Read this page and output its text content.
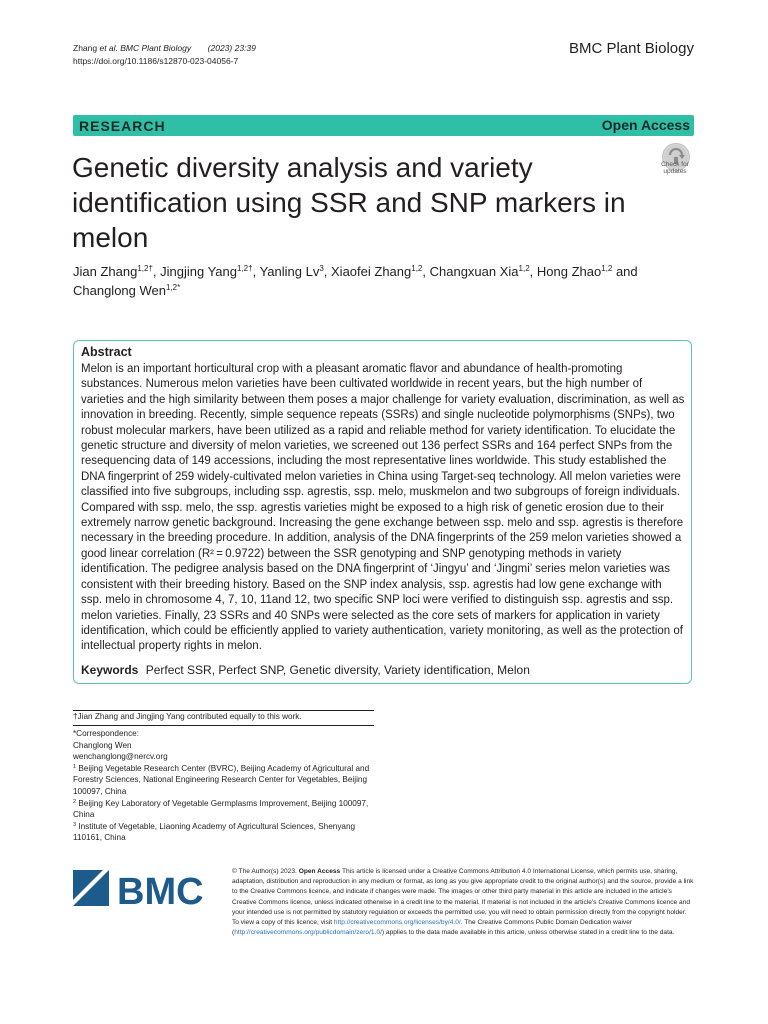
Zhang et al. BMC Plant Biology (2023) 23:39
https://doi.org/10.1186/s12870-023-04056-7
BMC Plant Biology
RESEARCH	Open Access
Genetic diversity analysis and variety identification using SSR and SNP markers in melon
Check for
updates
Jian Zhang$^{1,2\dagger}$, Jingjing Yang$^{1,2\dagger}$, Yanling Lv$^3$, Xiaofei Zhang$^{1,2}$, Changxuan Xia$^{1,2}$, Hong Zhao$^{1,2}$ and Changlong Wen$^{1,2*}$
Abstract
Melon is an important horticultural crop with a pleasant aromatic flavor and abundance of health-promoting substances. Numerous melon varieties have been cultivated worldwide in recent years, but the high number of varieties and the high similarity between them poses a major challenge for variety evaluation, discrimination, as well as innovation in breeding. Recently, simple sequence repeats (SSRs) and single nucleotide polymorphisms (SNPs), two robust molecular markers, have been utilized as a rapid and reliable method for variety identification. To elucidate the genetic structure and diversity of melon varieties, we screened out 136 perfect SSRs and 164 perfect SNPs from the resequencing data of 149 accessions, including the most representative lines worldwide. This study established the DNA fingerprint of 259 widely-cultivated melon varieties in China using Target-seq technology. All melon varieties were classified into five subgroups, including ssp. agrestis, ssp. melo, muskmelon and two subgroups of foreign individuals. Compared with ssp. melo, the ssp. agrestis varieties might be exposed to a high risk of genetic erosion due to their extremely narrow genetic background. Increasing the gene exchange between ssp. melo and ssp. agrestis is therefore necessary in the breeding procedure. In addition, analysis of the DNA fingerprints of the 259 melon varieties showed a good linear correlation (R² = 0.9722) between the SSR genotyping and SNP genotyping methods in variety identification. The pedigree analysis based on the DNA fingerprint of ‘Jingyu’ and ‘Jingmi’ series melon varieties was consistent with their breeding history. Based on the SNP index analysis, ssp. agrestis had low gene exchange with ssp. melo in chromosome 4, 7, 10, 11and 12, two specific SNP loci were verified to distinguish ssp. agrestis and ssp. melon varieties. Finally, 23 SSRs and 40 SNPs were selected as the core sets of markers for application in variety identification, which could be efficiently applied to variety authentication, variety monitoring, as well as the protection of intellectual property rights in melon.
Keywords Perfect SSR, Perfect SNP, Genetic diversity, Variety identification, Melon
†Jian Zhang and Jingjing Yang contributed equally to this work.
*Correspondence:
Changlong Wen
wenchanglong@nercv.org
$^1$ Beijing Vegetable Research Center (BVRC), Beijing Academy of Agricultural and Forestry Sciences, National Engineering Research Center for Vegetables, Beijing 100097, China
$^2$ Beijing Key Laboratory of Vegetable Germplasms Improvement, Beijing 100097, China
$^3$ Institute of Vegetable, Liaoning Academy of Agricultural Sciences, Shenyang 110161, China
BMC	© The Author(s) 2023. Open Access This article is licensed under a Creative Commons Attribution 4.0 International License, which permits use, sharing, adaptation, distribution and reproduction in any medium or format, as long as you give appropriate credit to the original author(s) and the source, provide a link to the Creative Commons licence, and indicate if changes were made. The images or other third party material in this article are included in the article’s Creative Commons licence, unless indicated otherwise in a credit line to the material. If material is not included in the article’s Creative Commons licence and your intended use is not permitted by statutory regulation or exceeds the permitted use, you will need to obtain permission directly from the copyright holder. To view a copy of this licence, visit http://creativecommons.org/licenses/by/4.0/. The Creative Commons Public Domain Dedication waiver (http://creativecommons.org/publicdomain/zero/1.0/) applies to the data made available in this article, unless otherwise stated in a credit line to the data.
